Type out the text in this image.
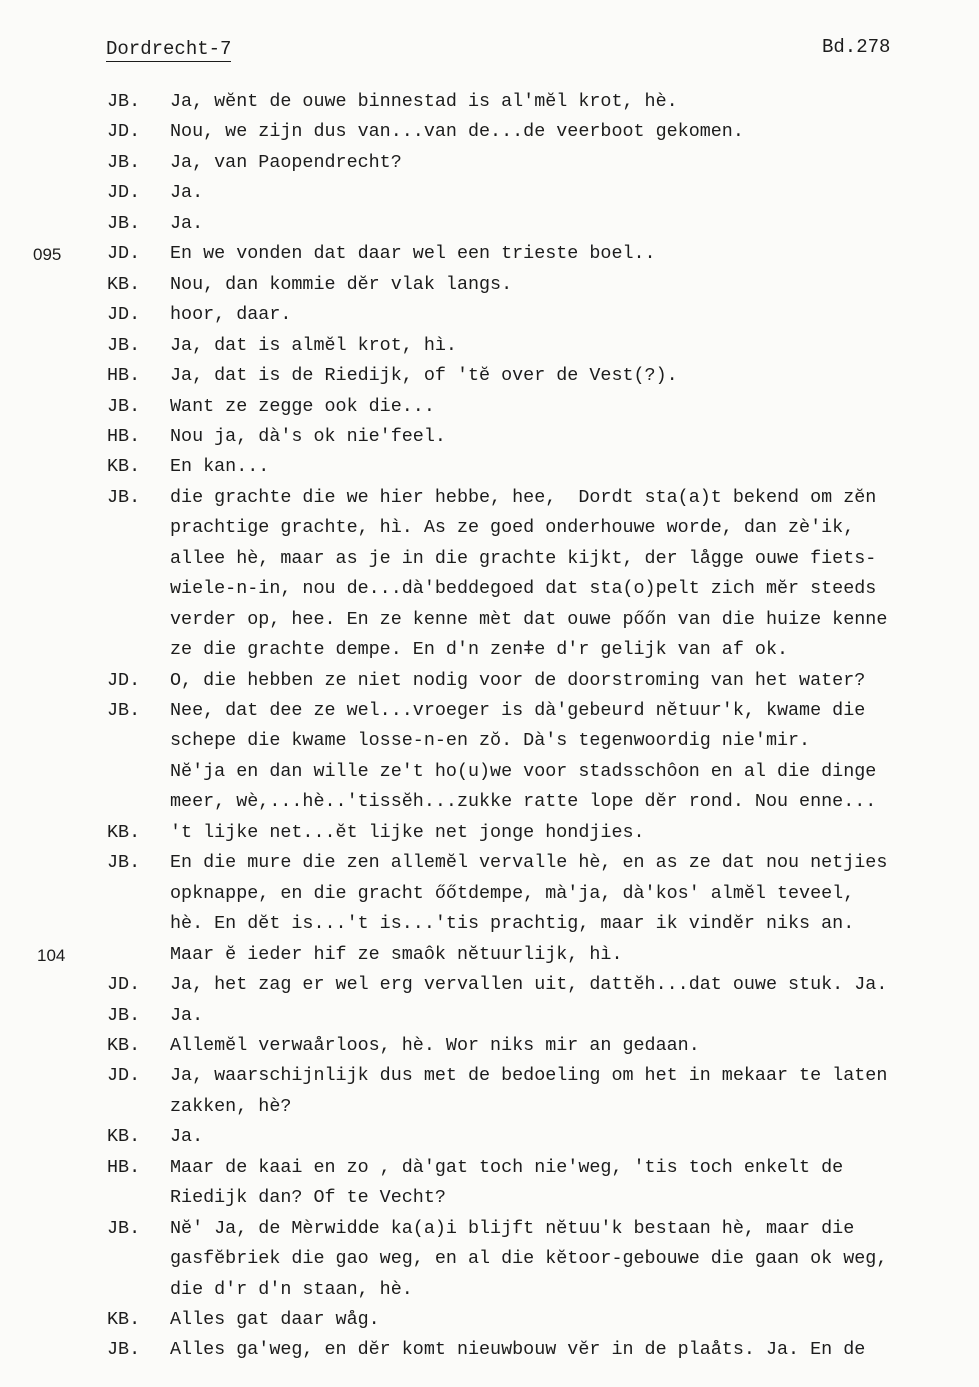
Dordrecht-7	Bd.278
JB. Ja, wĕnt de ouwe binnestad is al'mĕl krot, hè.
JD. Nou, we zijn dus van...van de...de veerboot gekomen.
JB. Ja, van Paopendrecht?
JD. Ja.
JB. Ja.
JD. En we vonden dat daar wel een trieste boel..
KB. Nou, dan kommie dĕr vlak langs.
JD. hoor, daar.
JB. Ja, dat is almĕl krot, hì.
HB. Ja, dat is de Riedijk, of 'tĕ over de Vest(?).
JB. Want ze zegge ook die...
HB. Nou ja, dà's ok nie'feel.
KB. En kan...
JB. die grachte die we hier hebbe, hee,  Dordt sta(a)t bekend om zĕn
prachtige grachte, hì. As ze goed onderhouwe worde, dan zè'ik,
allee hè, maar as je in die grachte kijkt, der lågge ouwe fiets-
wiele-n-in, nou de...dà'beddegoed dat sta(o)pelt zich mĕr steeds
verder op, hee. En ze kenne mèt dat ouwe pőőn van die huize kenne
ze die grachte dempe. En d'n zenǂe d'r gelijk van af ok.
JD. O, die hebben ze niet nodig voor de doorstroming van het water?
JB. Nee, dat dee ze wel...vroeger is dà'gebeurd nĕtuur'k, kwame die
schepe die kwame losse-n-en zŏ. Dà's tegenwoordig nie'mir.
Nĕ'ja en dan wille ze't ho(u)we voor stadsschôon en al die dinge
meer, wè,...hè..'tissĕh...zukke ratte lope dĕr rond. Nou enne...
KB. 't lijke net...ĕt lijke net jonge hondjies.
JB. En die mure die zen allemĕl vervalle hè, en as ze dat nou netjies
opknappe, en die gracht őőtdempe, mà'ja, dà'kos' almĕl teveel,
hè. En dĕt is...'t is...'tis prachtig, maar ik vindĕr niks an.
Maar ĕ ieder hif ze smaôk nĕtuurlijk, hì.
JD. Ja, het zag er wel erg vervallen uit, dattĕh...dat ouwe stuk. Ja.
JB. Ja.
KB. Allemĕl verwaårloos, hè. Wor niks mir an gedaan.
JD. Ja, waarschijnlijk dus met de bedoeling om het in mekaar te laten
zakken, hè?
KB. Ja.
HB. Maar de kaai en zo , dà'gat toch nie'weg, 'tis toch enkelt de
Riedijk dan? Of te Vecht?
JB. Nĕ' Ja, de Mèrwidde ka(a)i blijft nĕtuu'k bestaan hè, maar die
gasfĕbriek die gao weg, en al die kĕtoor-gebouwe die gaan ok weg,
die d'r d'n staan, hè.
KB. Alles gat daar wåg.
JB. Alles ga'weg, en dĕr komt nieuwbouw vĕr in de plaåts. Ja. En de
095
104
